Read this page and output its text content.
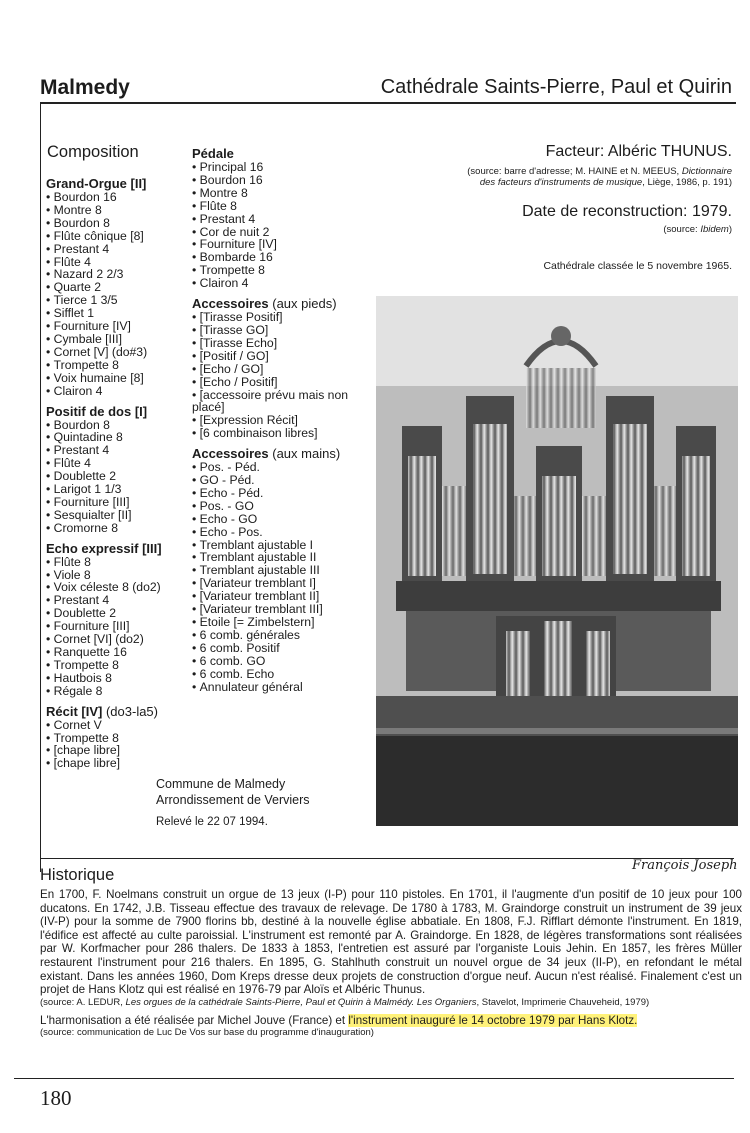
Malmedy	Cathédrale Saints-Pierre, Paul et Quirin
Composition
Grand-Orgue [II]
• Bourdon 16
• Montre 8
• Bourdon 8
• Flûte cônique [8]
• Prestant 4
• Flûte 4
• Nazard 2 2/3
• Quarte 2
• Tierce 1 3/5
• Sifflet 1
• Fourniture [IV]
• Cymbale [III]
• Cornet [V] (do#3)
• Trompette 8
• Voix humaine [8]
• Clairon 4
Positif de dos [I]
• Bourdon 8
• Quintadine 8
• Prestant 4
• Flûte 4
• Doublette 2
• Larigot 1 1/3
• Fourniture [III]
• Sesquialter [II]
• Cromorne 8
Echo expressif [III]
• Flûte 8
• Viole 8
• Voix céleste 8 (do2)
• Prestant 4
• Doublette 2
• Fourniture [III]
• Cornet [VI] (do2)
• Ranquette 16
• Trompette 8
• Hautbois 8
• Régale 8
Récit [IV] (do3-la5)
• Cornet V
• Trompette 8
• [chape libre]
• [chape libre]
Pédale
• Principal 16
• Bourdon 16
• Montre 8
• Flûte 8
• Prestant 4
• Cor de nuit 2
• Fourniture [IV]
• Bombarde 16
• Trompette 8
• Clairon 4
Accessoires (aux pieds)
• [Tirasse Positif]
• [Tirasse GO]
• [Tirasse Echo]
• [Positif / GO]
• [Echo / GO]
• [Echo / Positif]
• [accessoire prévu mais non placé]
• [Expression Récit]
• [6 combinaison libres]
Accessoires (aux mains)
• Pos. - Péd.
• GO - Péd.
• Echo - Péd.
• Pos. - GO
• Echo - GO
• Echo - Pos.
• Tremblant ajustable I
• Tremblant ajustable II
• Tremblant ajustable III
• [Variateur tremblant I]
• [Variateur tremblant II]
• [Variateur tremblant III]
• Etoile [= Zimbelstern]
• 6 comb. générales
• 6 comb. Positif
• 6 comb. GO
• 6 comb. Echo
• Annulateur général
Facteur: Albéric THUNUS.
(source: barre d'adresse; M. HAINE et N. MEEUS, Dictionnaire
des facteurs d'instruments de musique, Liège, 1986, p. 191)
Date de reconstruction: 1979.
(source: Ibidem)
Cathédrale classée le 5 novembre 1965.
Commune de Malmedy
Arrondissement de Verviers
Relevé le 22 07 1994.
Historique
François Joseph

En 1700, F. Noelmans construit un orgue de 13 jeux (I-P) pour 110 pistoles. En 1701, il l'augmente d'un positif de 10 jeux pour 100 ducatons. En 1742, J.B. Tisseau effectue des travaux de relevage. De 1780 à 1783, M. Graindorge construit un instrument de 39 jeux (IV-P) pour la somme de 7900 florins bb, destiné à la nouvelle église abbatiale. En 1808, F.J. Rifflart démonte l'instrument. En 1819, l'édifice est affecté au culte paroissial. L'instrument est remonté par A. Graindorge. En 1828, de légères transformations sont réalisées par W. Korfmacher pour 286 thalers. De 1833 à 1853, l'entretien est assuré par l'organiste Louis Jehin. En 1857, les frères Müller restaurent l'instrument pour 216 thalers. En 1895, G. Stahlhuth construit un nouvel orgue de 34 jeux (II-P), en refondant le métal existant. Dans les années 1960, Dom Kreps dresse deux projets de construction d'orgue neuf. Aucun n'est réalisé. Finalement c'est un projet de Hans Klotz qui est réalisé en 1976-79 par Aloïs et Albéric Thunus.

(source: A. LEDUR, Les orgues de la cathédrale Saints-Pierre, Paul et Quirin à Malmédy. Les Organiers, Stavelot, Imprimerie Chauveheid, 1979)

L'harmonisation a été réalisée par Michel Jouve (France) et l'instrument inauguré le 14 octobre 1979 par Hans Klotz.

(source: communication de Luc De Vos sur base du programme d'inauguration)

180
